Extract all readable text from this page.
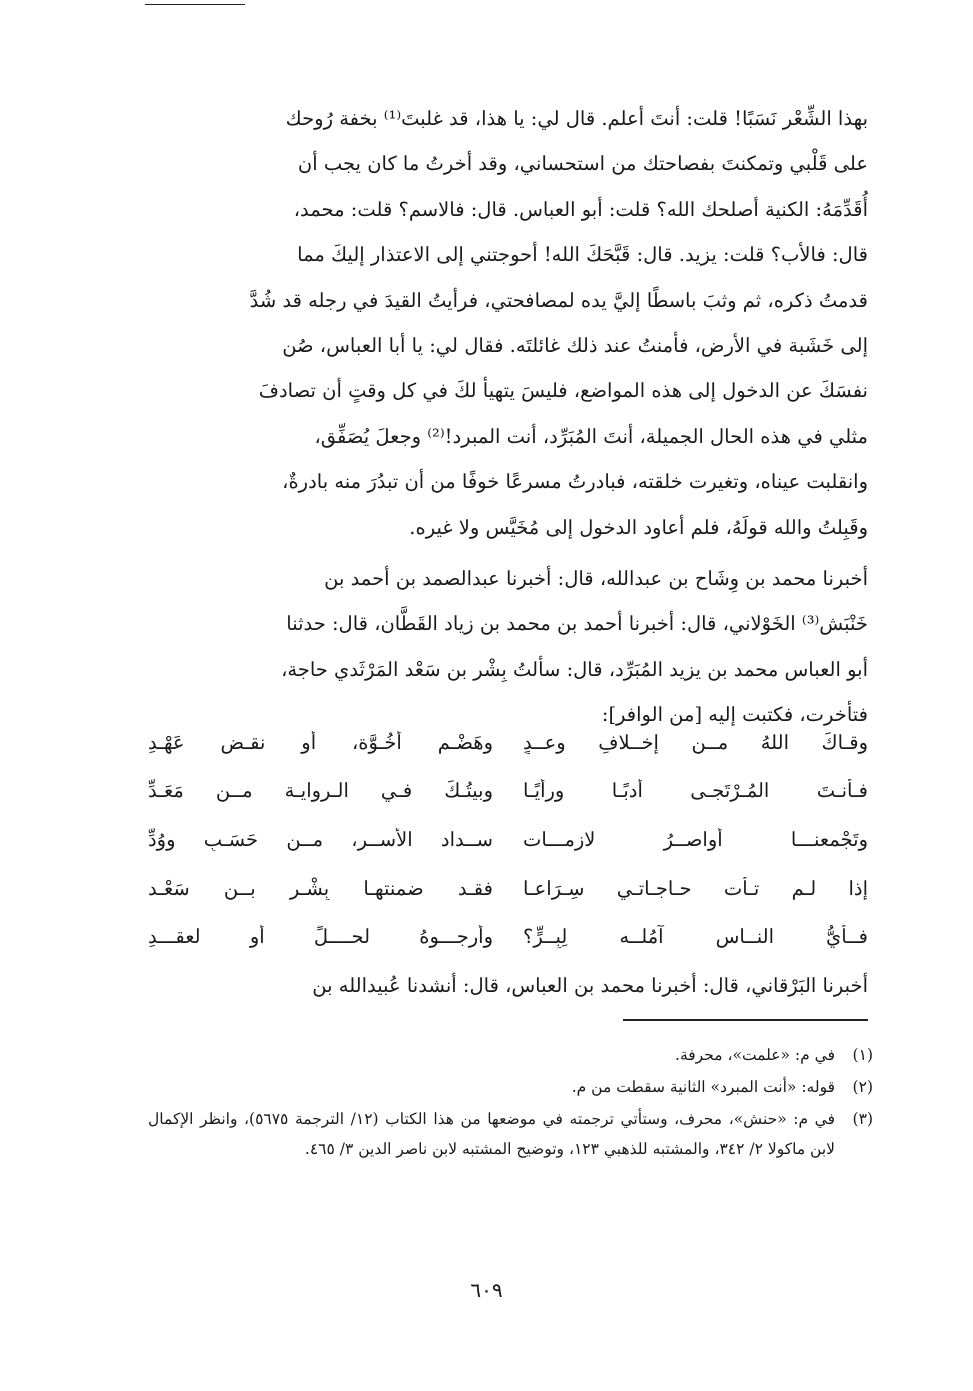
بهذا الشِّعْر نَسَبًا! قلت: أنتَ أعلم. قال لي: يا هذا، قد غلبتَ⁽¹⁾ بخفة رُوحك
على قَلْبي وتمكنتَ بفصاحتك من استحساني، وقد أخرتُ ما كان يجب أن
أُقَدِّمَهُ: الكنية أصلحك الله؟ قلت: أبو العباس. قال: فالاسم؟ قلت: محمد،
قال: فالأب؟ قلت: يزيد. قال: قَبَّحَكَ الله! أحوجتني إلى الاعتذار إليكَ مما
قدمتُ ذكره، ثم وثبَ باسطًا إليَّ يده لمصافحتي، فرأيتُ القيدَ في رجله قد شُدَّ
إلى خَشَبة في الأرض، فأمنتُ عند ذلك غائلتَه. فقال لي: يا أبا العباس، صُن
نفسَكَ عن الدخول إلى هذه المواضع، فليسَ يتهيأ لكَ في كل وقتٍ أن تصادفَ
مثلي في هذه الحال الجميلة، أنتَ المُبَرِّد، أنت المبرد!⁽²⁾ وجعلَ يُصَفِّق،
وانقلبت عيناه، وتغيرت خلقته، فبادرتُ مسرعًا خوفًا من أن تبدُرَ منه بادرةٌ،
وقَبِلتُ والله قولَهُ، فلم أعاود الدخول إلى مُخَيَّس ولا غيره.
أخبرنا محمد بن وِشَاح بن عبدالله، قال: أخبرنا عبدالصمد بن أحمد بن
خَنْبَش⁽³⁾ الخَوْلاني، قال: أخبرنا أحمد بن محمد بن زياد القَطَّان، قال: حدثنا
أبو العباس محمد بن يزيد المُبَرِّد، قال: سألتُ بِشْر بن سَعْد المَرْثَدي حاجة،
فتأخرت، فكتبت إليه [من الوافر]:
وقـاكَ اللهُ مــن إخــلافِ وعــدٍ
وهَضْـمِ أُخُـوَّة، أو نقـضِ عَهْـدِ
فـأنـتَ المُـرْتَجـى أدبًـا ورأيًـا
وبيتُـكَ فـي الـروايـة مــن مَعَـدِّ
وتَجْمعنـــا أواصــرُ لازمـــات
ســداد الأســر، مــن حَسَـبٍ ووُدِّ
إذا لـم تـأت حـاجـاتـي سِـرَاعـا
فقـد ضمنتهـا بِشْـر بــن سَعْـد
فــأيُّ النــاس آمُلــه لِبِــرٍّ؟
وأرجـــوهُ لحــــلٍّ أو لعقـــدِ
أخبرنا البَرْقاني، قال: أخبرنا محمد بن العباس، قال: أنشدنا عُبيدالله بن
(١)
في م: «علمت»، محرفة.
(٢)
قوله: «أنت المبرد» الثانية سقطت من م.
(٣)
في م: «حنش»، محرف، وستأتي ترجمته في موضعها من هذا الكتاب (١٢/ الترجمة ٥٦٧٥)، وانظر الإكمال لابن ماكولا ٢/ ٣٤٢، والمشتبه للذهبي ١٢٣، وتوضيح المشتبه لابن ناصر الدين ٣/ ٤٦٥.
٦٠٩
